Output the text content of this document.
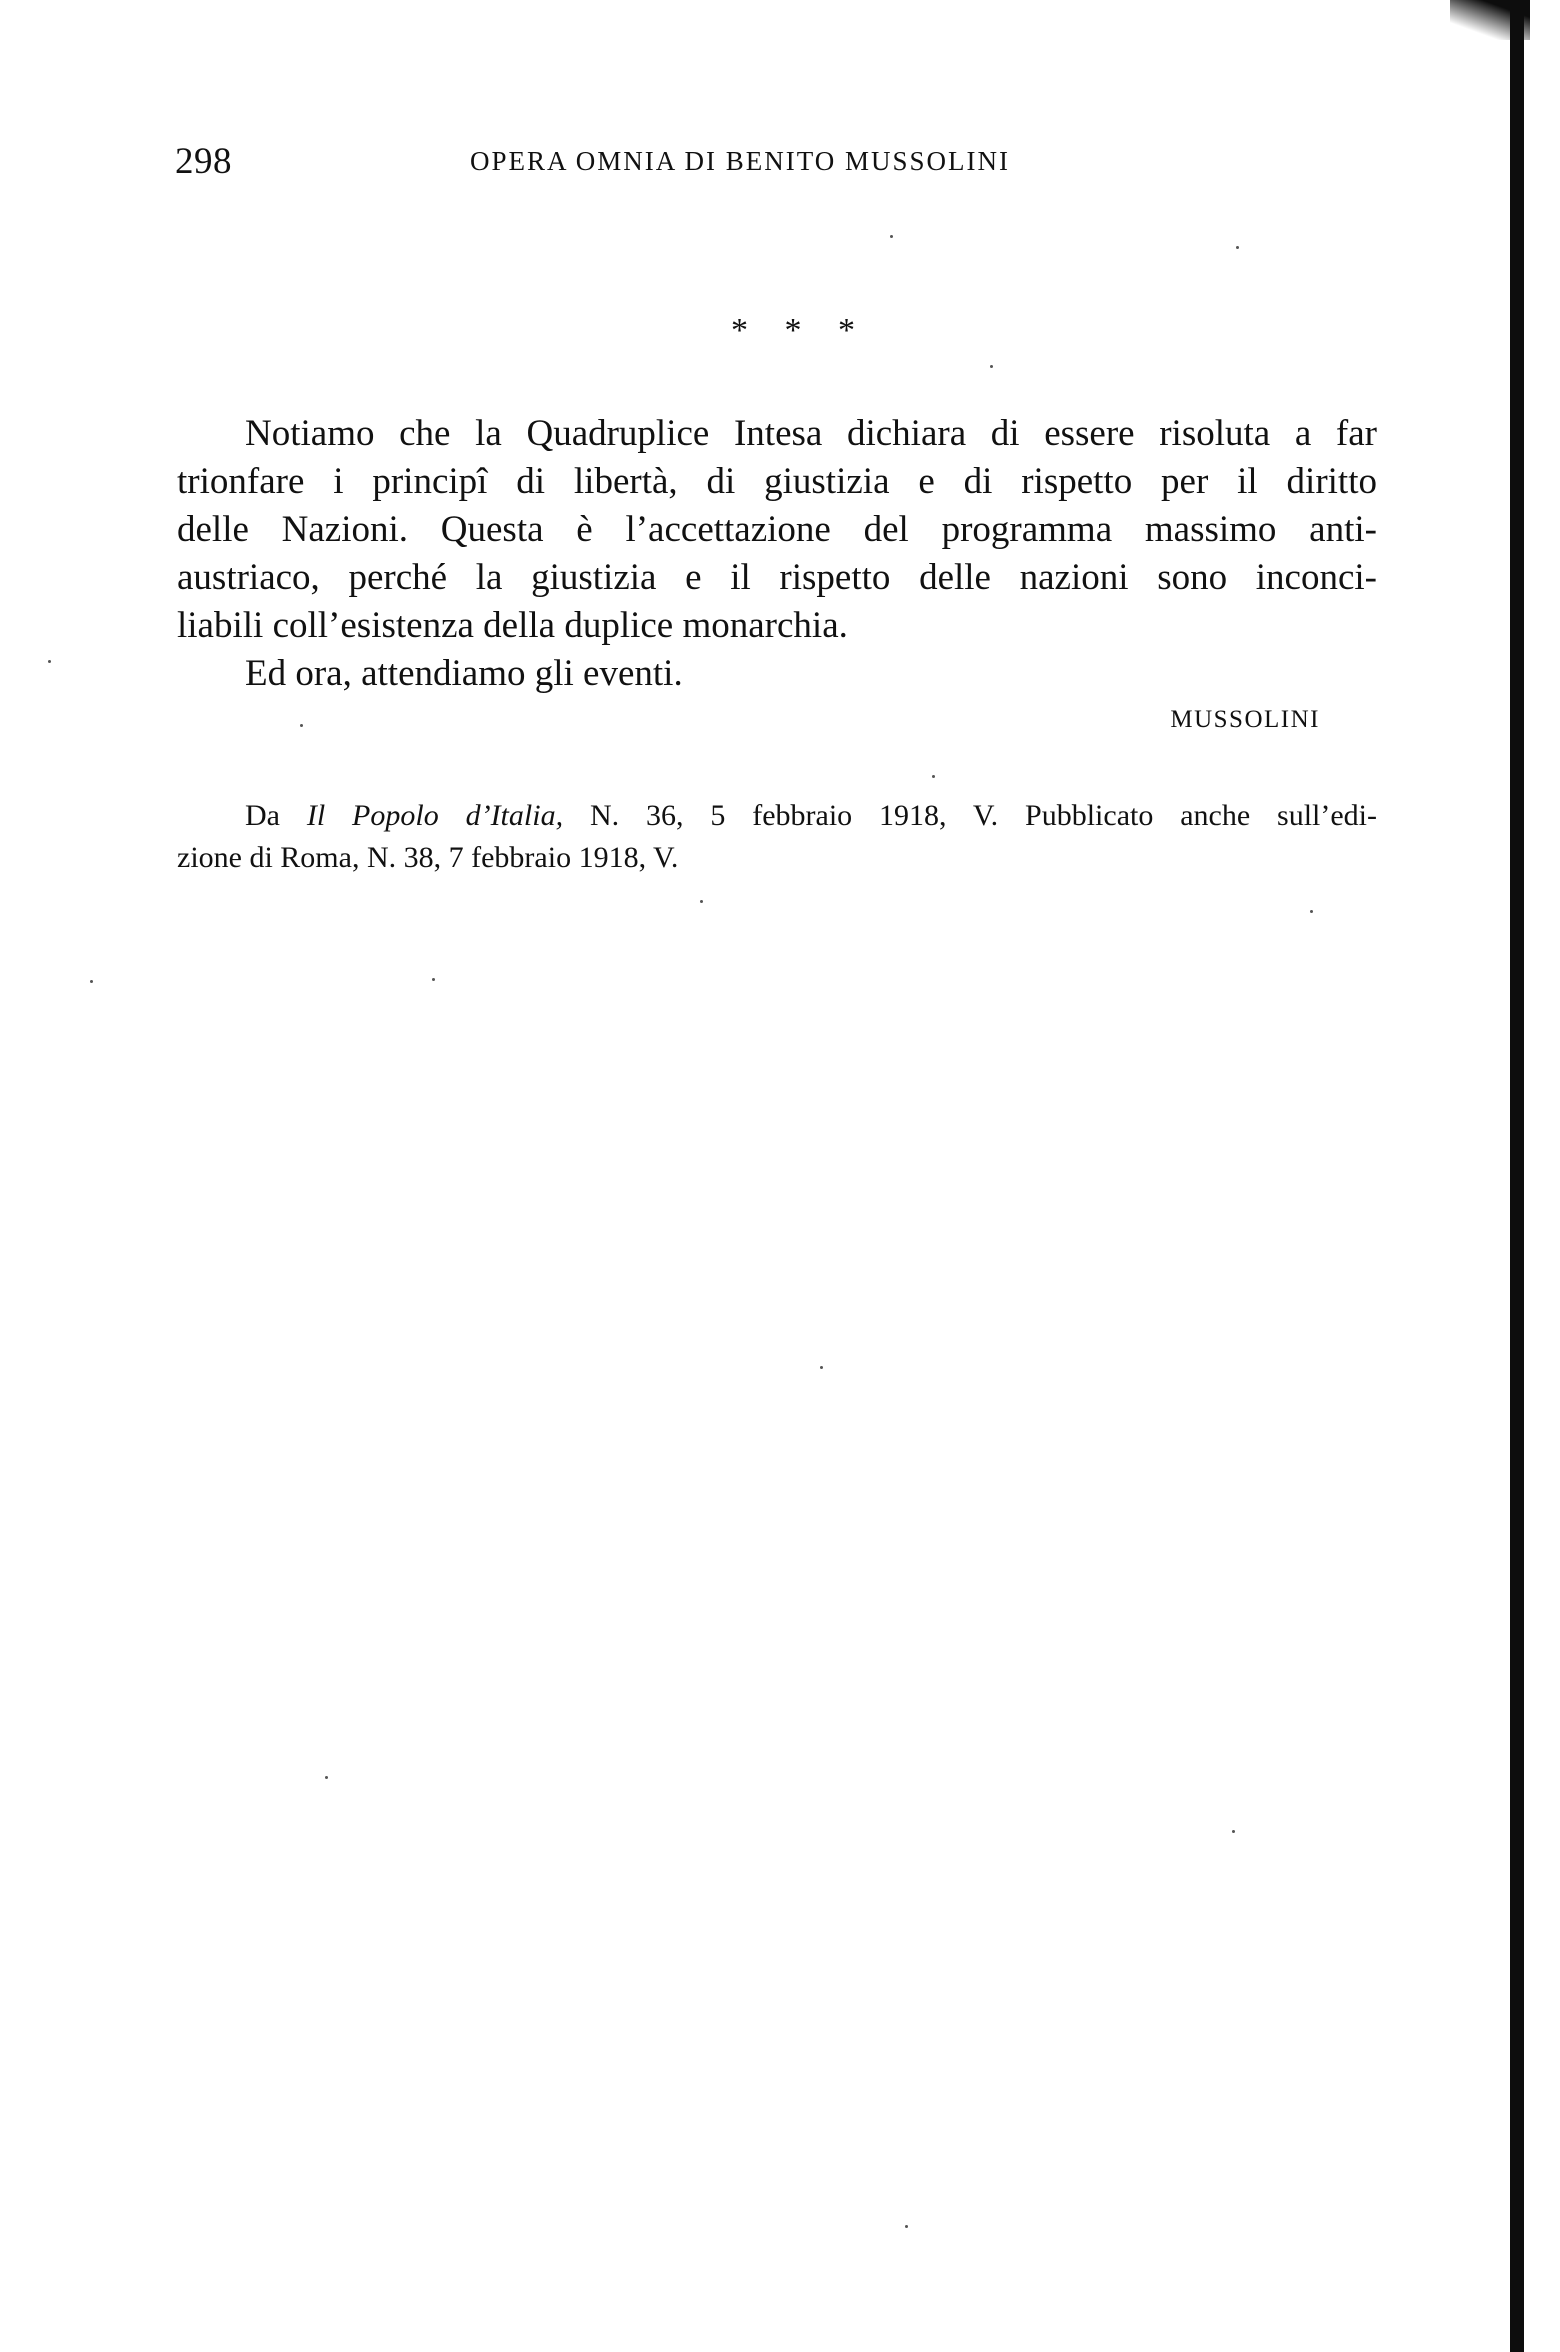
298	OPERA OMNIA DI BENITO MUSSOLINI
* * *
Notiamo che la Quadruplice Intesa dichiara di essere risoluta a far
trionfare i principî di libertà, di giustizia e di rispetto per il diritto
delle Nazioni. Questa è l’accettazione del programma massimo anti-
austriaco, perché la giustizia e il rispetto delle nazioni sono inconci-
liabili coll’esistenza della duplice monarchia.
Ed ora, attendiamo gli eventi.
MUSSOLINI
Da Il Popolo d’Italia, N. 36, 5 febbraio 1918, V. Pubblicato anche sull’edi-
zione di Roma, N. 38, 7 febbraio 1918, V.
